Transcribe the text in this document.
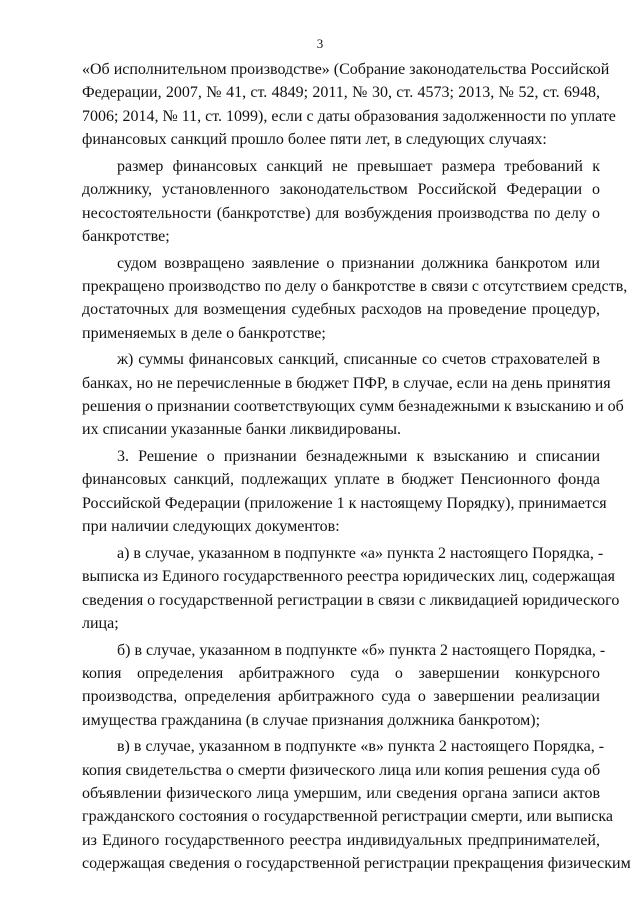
3
«Об исполнительном производстве» (Собрание законодательства Российской
Федерации, 2007, № 41, ст. 4849; 2011, № 30, ст. 4573; 2013, № 52, ст. 6948,
7006; 2014, № 11, ст. 1099), если с даты образования задолженности по уплате
финансовых санкций прошло более пяти лет, в следующих случаях:
размер финансовых санкций не превышает размера требований к
должнику, установленного законодательством Российской Федерации о
несостоятельности (банкротстве) для возбуждения производства по делу о
банкротстве;
судом возвращено заявление о признании должника банкротом или
прекращено производство по делу о банкротстве в связи с отсутствием средств,
достаточных для возмещения судебных расходов на проведение процедур,
применяемых в деле о банкротстве;
ж) суммы финансовых санкций, списанные со счетов страхователей в
банках, но не перечисленные в бюджет ПФР, в случае, если на день принятия
решения о признании соответствующих сумм безнадежными к взысканию и об
их списании указанные банки ликвидированы.
3. Решение о признании безнадежными к взысканию и списании
финансовых санкций, подлежащих уплате в бюджет Пенсионного фонда
Российской Федерации (приложение 1 к настоящему Порядку), принимается
при наличии следующих документов:
а) в случае, указанном в подпункте «а» пункта 2 настоящего Порядка, -
выписка из Единого государственного реестра юридических лиц, содержащая
сведения о государственной регистрации в связи с ликвидацией юридического
лица;
б) в случае, указанном в подпункте «б» пункта 2 настоящего Порядка, -
копия определения арбитражного суда о завершении конкурсного
производства, определения арбитражного суда о завершении реализации
имущества гражданина (в случае признания должника банкротом);
в) в случае, указанном в подпункте «в» пункта 2 настоящего Порядка, -
копия свидетельства о смерти физического лица или копия решения суда об
объявлении физического лица умершим, или сведения органа записи актов
гражданского состояния о государственной регистрации смерти, или выписка
из Единого государственного реестра индивидуальных предпринимателей,
содержащая сведения о государственной регистрации прекращения физическим
